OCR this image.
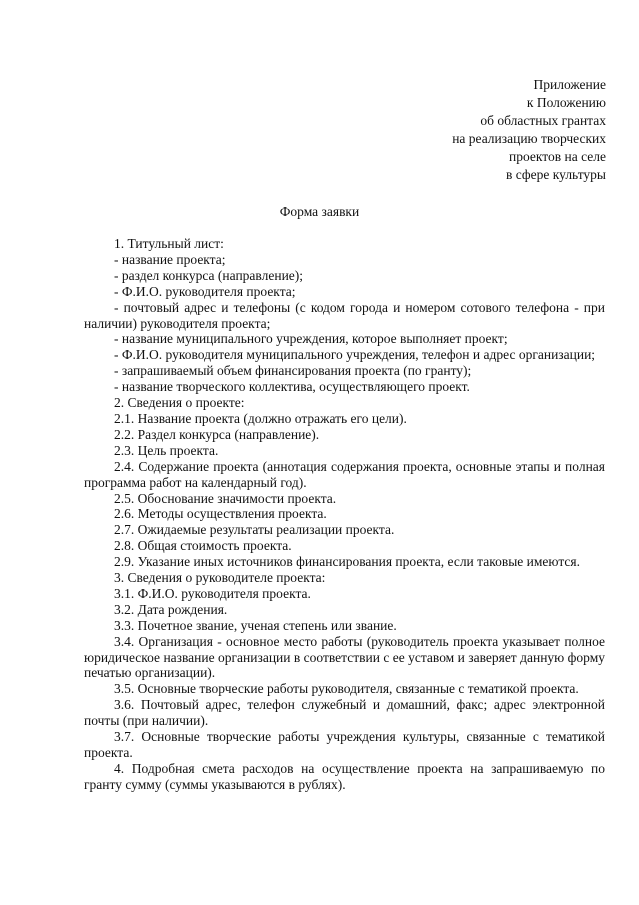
Приложение
к Положению
об областных грантах
на реализацию творческих
проектов на селе
в сфере культуры
Форма заявки

1. Титульный лист:

- название проекта;

- раздел конкурса (направление);

- Ф.И.О. руководителя проекта;

- почтовый адрес и телефоны (с кодом города и номером сотового телефона - при наличии) руководителя проекта;

- название муниципального учреждения, которое выполняет проект;

- Ф.И.О. руководителя муниципального учреждения, телефон и адрес организации;

- запрашиваемый объем финансирования проекта (по гранту);

- название творческого коллектива, осуществляющего проект.

2. Сведения о проекте:

2.1. Название проекта (должно отражать его цели).

2.2. Раздел конкурса (направление).

2.3. Цель проекта.

2.4. Содержание проекта (аннотация содержания проекта, основные этапы и полная программа работ на календарный год).

2.5. Обоснование значимости проекта.

2.6. Методы осуществления проекта.

2.7. Ожидаемые результаты реализации проекта.

2.8. Общая стоимость проекта.

2.9. Указание иных источников финансирования проекта, если таковые имеются.

3. Сведения о руководителе проекта:

3.1. Ф.И.О. руководителя проекта.

3.2. Дата рождения.

3.3. Почетное звание, ученая степень или звание.

3.4. Организация - основное место работы (руководитель проекта указывает полное юридическое название организации в соответствии с ее уставом и заверяет данную форму печатью организации).

3.5. Основные творческие работы руководителя, связанные с тематикой проекта.

3.6. Почтовый адрес, телефон служебный и домашний, факс; адрес электронной почты (при наличии).

3.7. Основные творческие работы учреждения культуры, связанные с тематикой проекта.

4. Подробная смета расходов на осуществление проекта на запрашиваемую по гранту сумму (суммы указываются в рублях).
